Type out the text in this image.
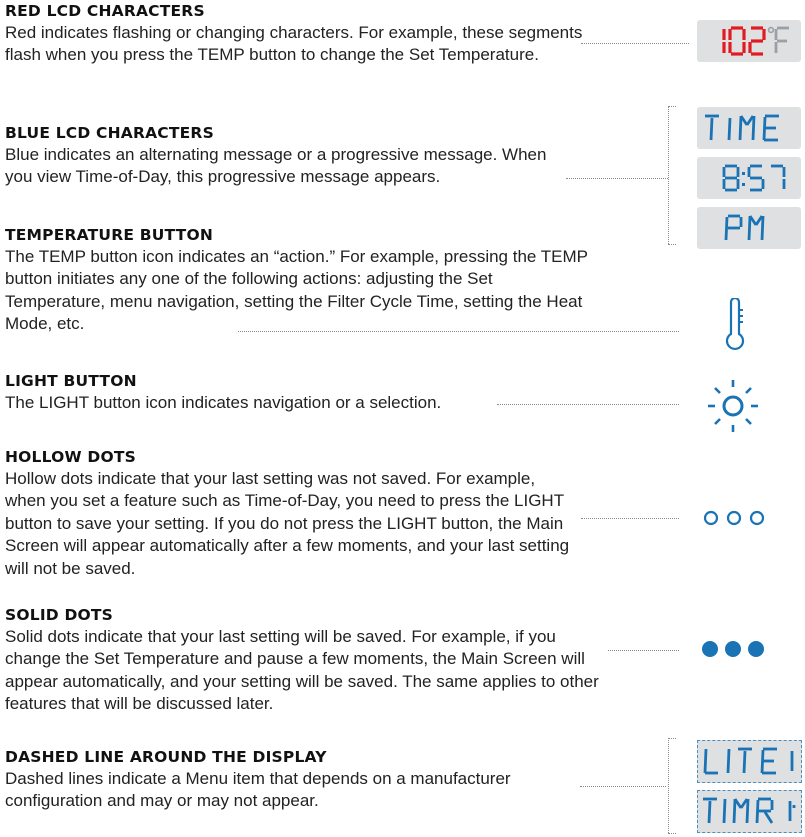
RED LCD CHARACTERS
Red indicates flashing or changing characters. For example, these segments flash when you press the TEMP button to change the Set Temperature.
BLUE LCD CHARACTERS
Blue indicates an alternating message or a progressive message. When you view Time-of-Day, this progressive message appears.
TEMPERATURE BUTTON
The TEMP button icon indicates an “action.” For example, pressing the TEMP button initiates any one of the following actions: adjusting the Set Temperature, menu navigation, setting the Filter Cycle Time, setting the Heat Mode, etc.
LIGHT BUTTON
The LIGHT button icon indicates navigation or a selection.
HOLLOW DOTS
Hollow dots indicate that your last setting was not saved. For example, when you set a feature such as Time-of-Day, you need to press the LIGHT button to save your setting. If you do not press the LIGHT button, the Main Screen will appear automatically after a few moments, and your last setting will not be saved.
SOLID DOTS
Solid dots indicate that your last setting will be saved. For example, if you change the Set Temperature and pause a few moments, the Main Screen will appear automatically, and your setting will be saved. The same applies to other features that will be discussed later.
DASHED LINE AROUND THE DISPLAY
Dashed lines indicate a Menu item that depends on a manufacturer configuration and may or may not appear.
